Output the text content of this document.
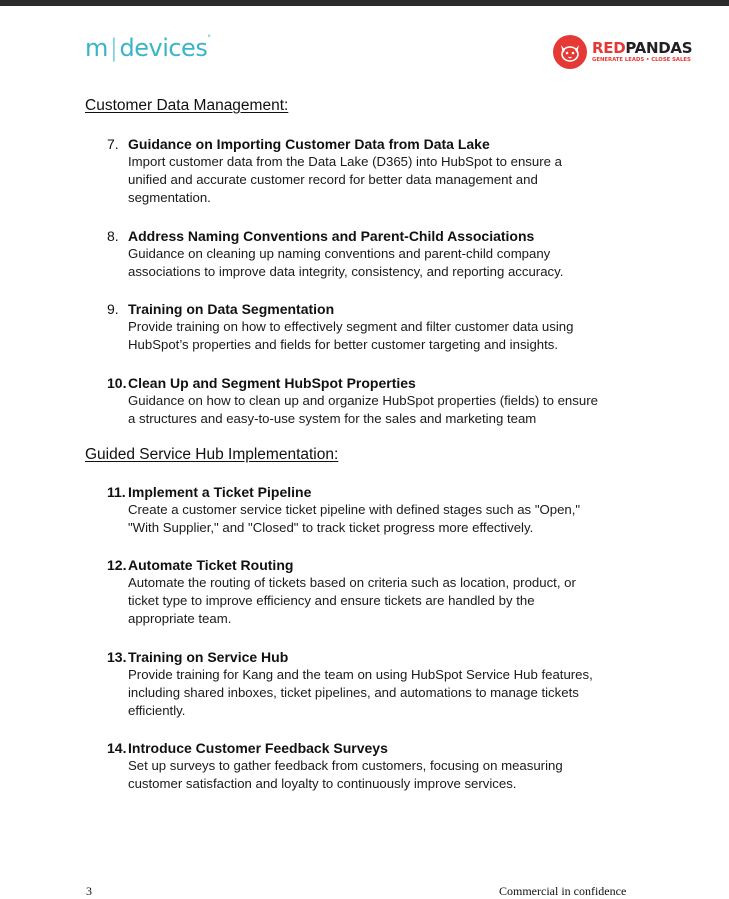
m|devices°
REDPANDAS
GENERATE LEADS • CLOSE SALES
Customer Data Management:
7. Guidance on Importing Customer Data from Data Lake
Import customer data from the Data Lake (D365) into HubSpot to ensure a
unified and accurate customer record for better data management and
segmentation.
8. Address Naming Conventions and Parent-Child Associations
Guidance on cleaning up naming conventions and parent-child company
associations to improve data integrity, consistency, and reporting accuracy.
9. Training on Data Segmentation
Provide training on how to effectively segment and filter customer data using
HubSpot’s properties and fields for better customer targeting and insights.
10. Clean Up and Segment HubSpot Properties
Guidance on how to clean up and organize HubSpot properties (fields) to ensure
a structures and easy-to-use system for the sales and marketing team
Guided Service Hub Implementation:
11. Implement a Ticket Pipeline
Create a customer service ticket pipeline with defined stages such as "Open,"
"With Supplier," and "Closed" to track ticket progress more effectively.
12. Automate Ticket Routing
Automate the routing of tickets based on criteria such as location, product, or
ticket type to improve efficiency and ensure tickets are handled by the
appropriate team.
13. Training on Service Hub
Provide training for Kang and the team on using HubSpot Service Hub features,
including shared inboxes, ticket pipelines, and automations to manage tickets
efficiently.
14. Introduce Customer Feedback Surveys
Set up surveys to gather feedback from customers, focusing on measuring
customer satisfaction and loyalty to continuously improve services.
3	Commercial in confidence
